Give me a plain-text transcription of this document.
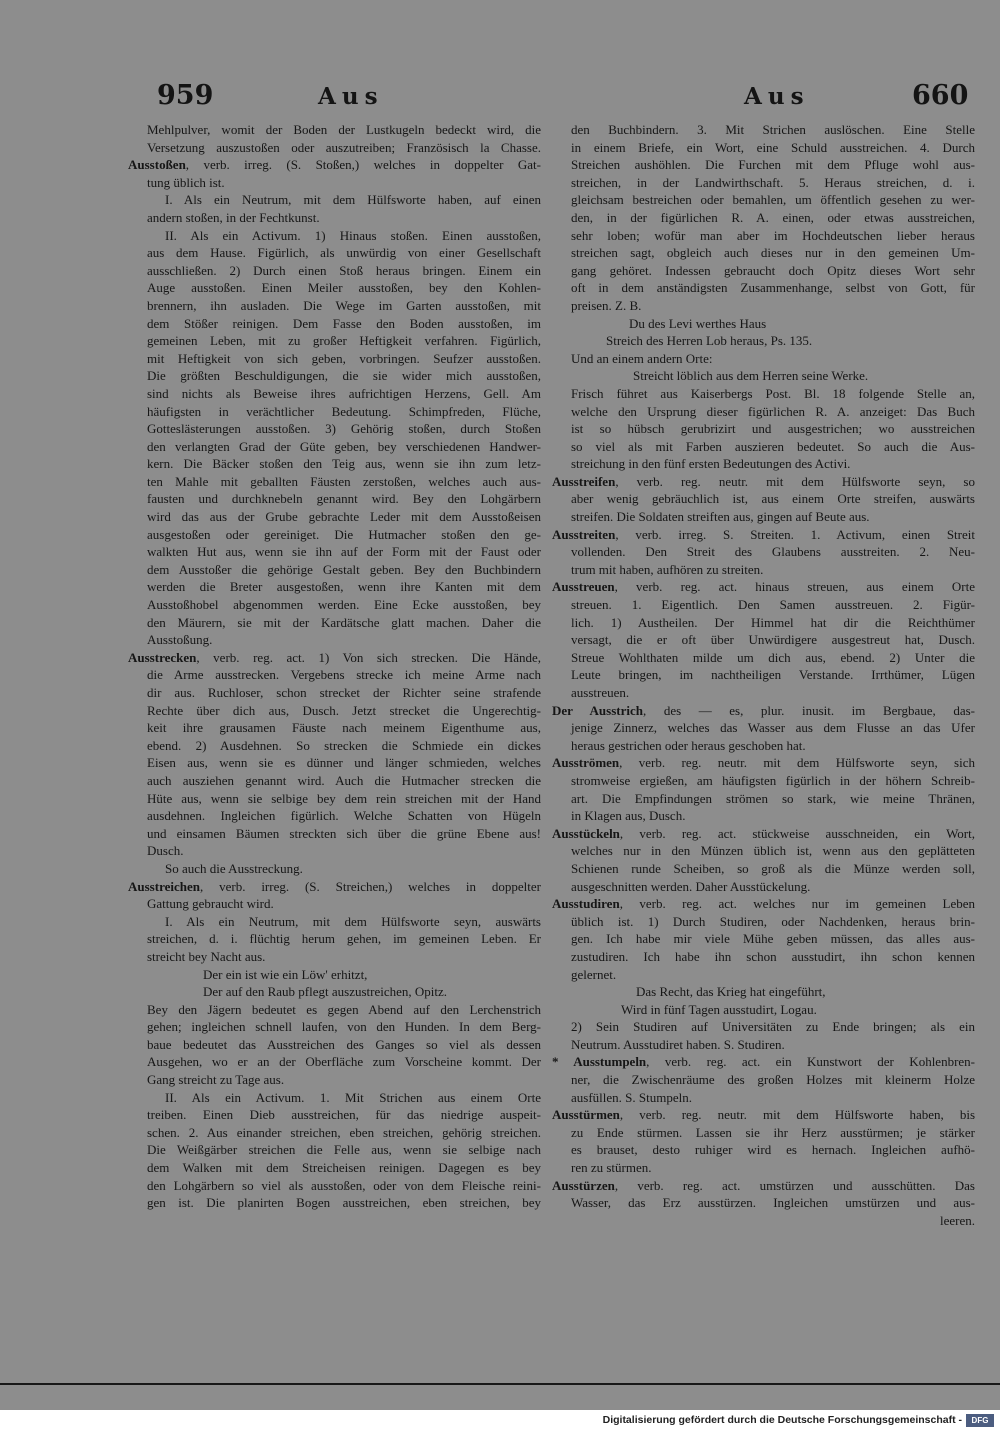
959	Aus	Aus	660
Mehlpulver, womit der Boden der Lustkugeln bedeckt wird, die
Versetzung auszustoßen oder auszutreiben; Französisch la Chasse.
Ausstoßen, verb. irreg. (S. Stoßen,) welches in doppelter Gat-
tung üblich ist.
I. Als ein Neutrum, mit dem Hülfsworte haben, auf einen
andern stoßen, in der Fechtkunst.
II. Als ein Activum. 1) Hinaus stoßen. Einen ausstoßen,
aus dem Hause. Figürlich, als unwürdig von einer Gesellschaft
ausschließen. 2) Durch einen Stoß heraus bringen. Einem ein
Auge ausstoßen. Einen Meiler ausstoßen, bey den Kohlen-
brennern, ihn ausladen. Die Wege im Garten ausstoßen, mit
dem Stößer reinigen. Dem Fasse den Boden ausstoßen, im
gemeinen Leben, mit zu großer Heftigkeit verfahren. Figürlich,
mit Heftigkeit von sich geben, vorbringen. Seufzer ausstoßen.
Die größten Beschuldigungen, die sie wider mich ausstoßen,
sind nichts als Beweise ihres aufrichtigen Herzens, Gell. Am
häufigsten in verächtlicher Bedeutung. Schimpfreden, Flüche,
Gotteslästerungen ausstoßen. 3) Gehörig stoßen, durch Stoßen
den verlangten Grad der Güte geben, bey verschiedenen Handwer-
kern. Die Bäcker stoßen den Teig aus, wenn sie ihn zum letz-
ten Mahle mit geballten Fäusten zerstoßen, welches auch aus-
fausten und durchknebeln genannt wird. Bey den Lohgärbern
wird das aus der Grube gebrachte Leder mit dem Ausstoßeisen
ausgestoßen oder gereiniget. Die Hutmacher stoßen den ge-
walkten Hut aus, wenn sie ihn auf der Form mit der Faust oder
dem Ausstoßer die gehörige Gestalt geben. Bey den Buchbindern
werden die Breter ausgestoßen, wenn ihre Kanten mit dem
Ausstoßhobel abgenommen werden. Eine Ecke ausstoßen, bey
den Mäurern, sie mit der Kardätsche glatt machen. Daher die
Ausstoßung.
Ausstrecken, verb. reg. act. 1) Von sich strecken. Die Hände,
die Arme ausstrecken. Vergebens strecke ich meine Arme nach
dir aus. Ruchloser, schon strecket der Richter seine strafende
Rechte über dich aus, Dusch. Jetzt strecket die Ungerechtig-
keit ihre grausamen Fäuste nach meinem Eigenthume aus,
ebend. 2) Ausdehnen. So strecken die Schmiede ein dickes
Eisen aus, wenn sie es dünner und länger schmieden, welches
auch ausziehen genannt wird. Auch die Hutmacher strecken die
Hüte aus, wenn sie selbige bey dem rein streichen mit der Hand
ausdehnen. Ingleichen figürlich. Welche Schatten von Hügeln
und einsamen Bäumen streckten sich über die grüne Ebene aus!
Dusch.
So auch die Ausstreckung.
Ausstreichen, verb. irreg. (S. Streichen,) welches in doppelter
Gattung gebraucht wird.
I. Als ein Neutrum, mit dem Hülfsworte seyn, auswärts
streichen, d. i. flüchtig herum gehen, im gemeinen Leben. Er
streicht bey Nacht aus.
Der ein ist wie ein Löw' erhitzt,
Der auf den Raub pflegt auszustreichen, Opitz.
Bey den Jägern bedeutet es gegen Abend auf den Lerchenstrich
gehen; ingleichen schnell laufen, von den Hunden. In dem Berg-
baue bedeutet das Ausstreichen des Ganges so viel als dessen
Ausgehen, wo er an der Oberfläche zum Vorscheine kommt. Der
Gang streicht zu Tage aus.
II. Als ein Activum. 1. Mit Strichen aus einem Orte
treiben. Einen Dieb ausstreichen, für das niedrige auspeit-
schen. 2. Aus einander streichen, eben streichen, gehörig streichen.
Die Weißgärber streichen die Felle aus, wenn sie selbige nach
dem Walken mit dem Streicheisen reinigen. Dagegen es bey
den Lohgärbern so viel als ausstoßen, oder von dem Fleische reini-
gen ist. Die planirten Bogen ausstreichen, eben streichen, bey
den Buchbindern. 3. Mit Strichen auslöschen. Eine Stelle
in einem Briefe, ein Wort, eine Schuld ausstreichen. 4. Durch
Streichen aushöhlen. Die Furchen mit dem Pfluge wohl aus-
streichen, in der Landwirthschaft. 5. Heraus streichen, d. i.
gleichsam bestreichen oder bemahlen, um öffentlich gesehen zu wer-
den, in der figürlichen R. A. einen, oder etwas ausstreichen,
sehr loben; wofür man aber im Hochdeutschen lieber heraus
streichen sagt, obgleich auch dieses nur in den gemeinen Um-
gang gehöret. Indessen gebraucht doch Opitz dieses Wort sehr
oft in dem anständigsten Zusammenhange, selbst von Gott, für
preisen. Z. B.
Du des Levi werthes Haus
Streich des Herren Lob heraus, Ps. 135.
Und an einem andern Orte:
Streicht löblich aus dem Herren seine Werke.
Frisch führet aus Kaiserbergs Post. Bl. 18 folgende Stelle an,
welche den Ursprung dieser figürlichen R. A. anzeiget: Das Buch
ist so hübsch gerubrizirt und ausgestrichen; wo ausstreichen
so viel als mit Farben auszieren bedeutet. So auch die Aus-
streichung in den fünf ersten Bedeutungen des Activi.
Ausstreifen, verb. reg. neutr. mit dem Hülfsworte seyn, so
aber wenig gebräuchlich ist, aus einem Orte streifen, auswärts
streifen. Die Soldaten streiften aus, gingen auf Beute aus.
Ausstreiten, verb. irreg. S. Streiten. 1. Activum, einen Streit
vollenden. Den Streit des Glaubens ausstreiten. 2. Neu-
trum mit haben, aufhören zu streiten.
Ausstreuen, verb. reg. act. hinaus streuen, aus einem Orte
streuen. 1. Eigentlich. Den Samen ausstreuen. 2. Figür-
lich. 1) Austheilen. Der Himmel hat dir die Reichthümer
versagt, die er oft über Unwürdigere ausgestreut hat, Dusch.
Streue Wohlthaten milde um dich aus, ebend. 2) Unter die
Leute bringen, im nachtheiligen Verstande. Irrthümer, Lügen
ausstreuen.
Der Ausstrich, des — es, plur. inusit. im Bergbaue, das-
jenige Zinnerz, welches das Wasser aus dem Flusse an das Ufer
heraus gestrichen oder heraus geschoben hat.
Ausströmen, verb. reg. neutr. mit dem Hülfsworte seyn, sich
stromweise ergießen, am häufigsten figürlich in der höhern Schreib-
art. Die Empfindungen strömen so stark, wie meine Thränen,
in Klagen aus, Dusch.
Ausstückeln, verb. reg. act. stückweise ausschneiden, ein Wort,
welches nur in den Münzen üblich ist, wenn aus den geplätteten
Schienen runde Scheiben, so groß als die Münze werden soll,
ausgeschnitten werden. Daher Ausstückelung.
Ausstudiren, verb. reg. act. welches nur im gemeinen Leben
üblich ist. 1) Durch Studiren, oder Nachdenken, heraus brin-
gen. Ich habe mir viele Mühe geben müssen, das alles aus-
zustudiren. Ich habe ihn schon ausstudirt, ihn schon kennen
gelernet.
Das Recht, das Krieg hat eingeführt,
Wird in fünf Tagen ausstudirt, Logau.
2) Sein Studiren auf Universitäten zu Ende bringen; als ein
Neutrum. Ausstudiret haben. S. Studiren.
* Ausstumpeln, verb. reg. act. ein Kunstwort der Kohlenbren-
ner, die Zwischenräume des großen Holzes mit kleinerm Holze
ausfüllen. S. Stumpeln.
Ausstürmen, verb. reg. neutr. mit dem Hülfsworte haben, bis
zu Ende stürmen. Lassen sie ihr Herz ausstürmen; je stärker
es brauset, desto ruhiger wird es hernach. Ingleichen aufhö-
ren zu stürmen.
Ausstürzen, verb. reg. act. umstürzen und ausschütten. Das
Wasser, das Erz ausstürzen. Ingleichen umstürzen und aus-
leeren.
Digitalisierung gefördert durch die Deutsche Forschungsgemeinschaft -	DFG
